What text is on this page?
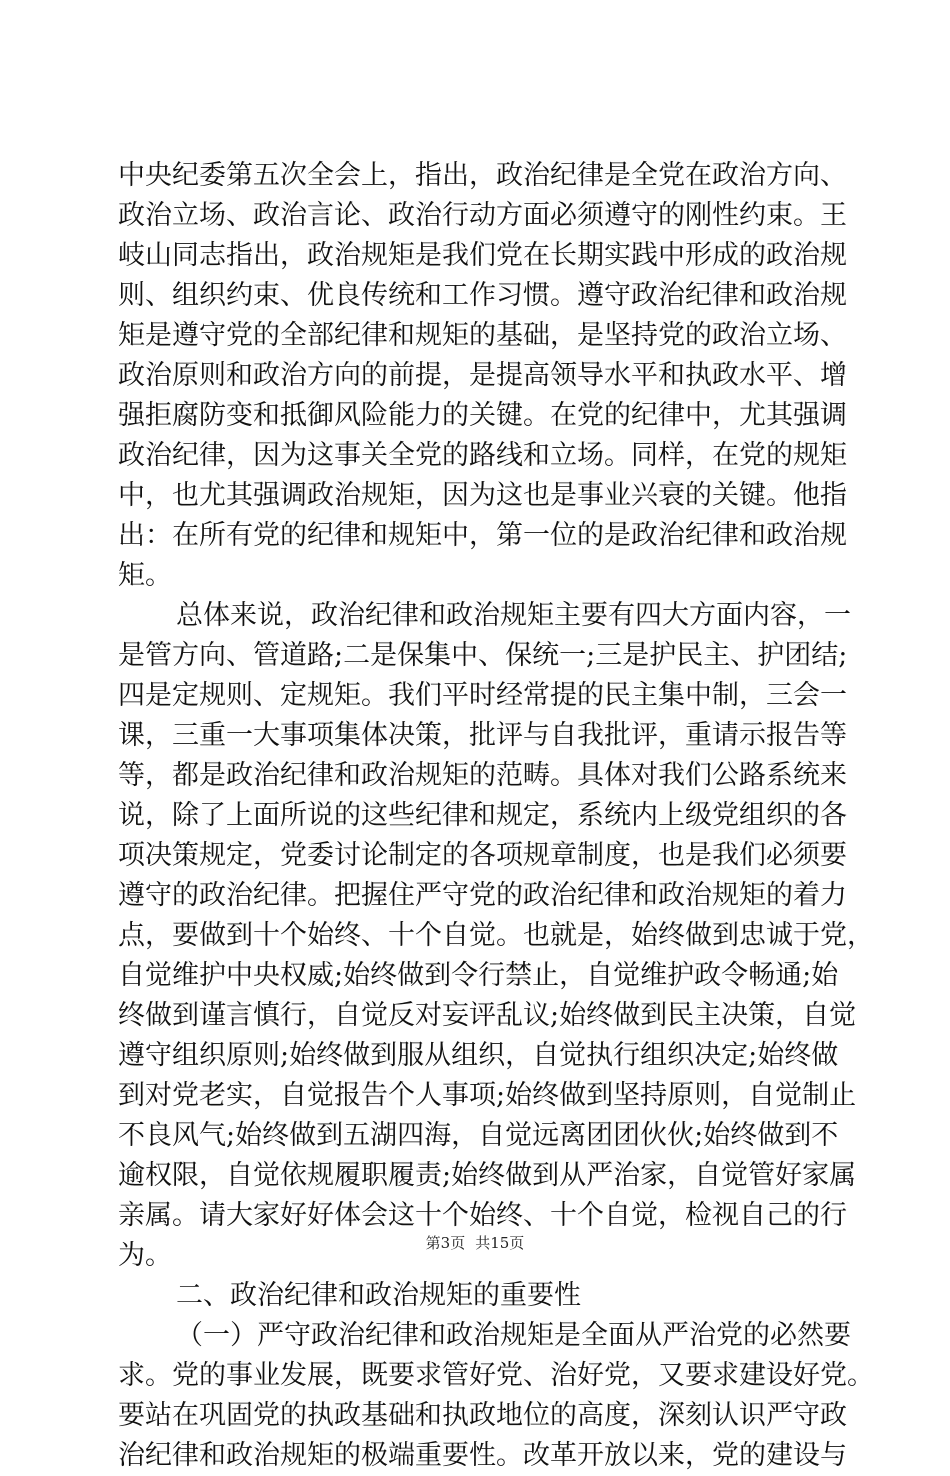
中央纪委第五次全会上，指出，政治纪律是全党在政治方向、
政治立场、政治言论、政治行动方面必须遵守的刚性约束。王
岐山同志指出，政治规矩是我们党在长期实践中形成的政治规
则、组织约束、优良传统和工作习惯。遵守政治纪律和政治规
矩是遵守党的全部纪律和规矩的基础，是坚持党的政治立场、
政治原则和政治方向的前提，是提高领导水平和执政水平、增
强拒腐防变和抵御风险能力的关键。在党的纪律中，尤其强调
政治纪律，因为这事关全党的路线和立场。同样，在党的规矩
中，也尤其强调政治规矩，因为这也是事业兴衰的关键。他指
出：在所有党的纪律和规矩中，第一位的是政治纪律和政治规
矩。
总体来说，政治纪律和政治规矩主要有四大方面内容，一
是管方向、管道路;二是保集中、保统一;三是护民主、护团结;
四是定规则、定规矩。我们平时经常提的民主集中制，三会一
课，三重一大事项集体决策，批评与自我批评，重请示报告等
等，都是政治纪律和政治规矩的范畴。具体对我们公路系统来
说，除了上面所说的这些纪律和规定，系统内上级党组织的各
项决策规定，党委讨论制定的各项规章制度，也是我们必须要
遵守的政治纪律。把握住严守党的政治纪律和政治规矩的着力
点，要做到十个始终、十个自觉。也就是，始终做到忠诚于党，
自觉维护中央权威;始终做到令行禁止，自觉维护政令畅通;始
终做到谨言慎行，自觉反对妄评乱议;始终做到民主决策，自觉
遵守组织原则;始终做到服从组织，自觉执行组织决定;始终做
到对党老实，自觉报告个人事项;始终做到坚持原则，自觉制止
不良风气;始终做到五湖四海，自觉远离团团伙伙;始终做到不
逾权限，自觉依规履职履责;始终做到从严治家，自觉管好家属
亲属。请大家好好体会这十个始终、十个自觉，检视自己的行
为。
二、政治纪律和政治规矩的重要性
（一）严守政治纪律和政治规矩是全面从严治党的必然要
求。党的事业发展，既要求管好党、治好党，又要求建设好党。
要站在巩固党的执政基础和执政地位的高度，深刻认识严守政
治纪律和政治规矩的极端重要性。改革开放以来，党的建设与
第3页 共15页
